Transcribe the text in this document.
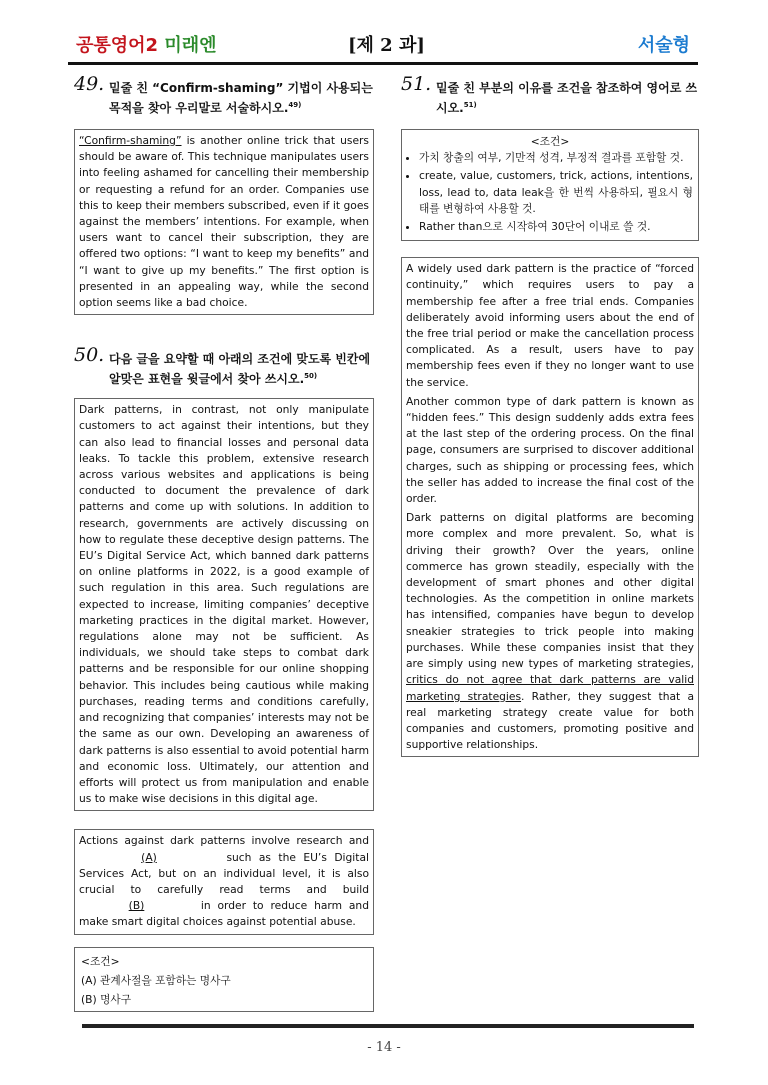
공통영어2 미래엔	[제 2 과]	서술형
49. 밑줄 친 “Confirm-shaming” 기법이 사용되는 목적을 찾아 우리말로 서술하시오.$^{49)}$

“Confirm-shaming” is another online trick that users should be aware of. This technique manipulates users into feeling ashamed for cancelling their membership or requesting a refund for an order. Companies use this to keep their members subscribed, even if it goes against the members’ intentions. For example, when users want to cancel their subscription, they are offered two options: “I want to keep my benefits” and “I want to give up my benefits.” The first option is presented in an appealing way, while the second option seems like a bad choice.

50. 다음 글을 요약할 때 아래의 조건에 맞도록 빈칸에 알맞은 표현을 윗글에서 찾아 쓰시오.$^{50)}$

Dark patterns, in contrast, not only manipulate customers to act against their intentions, but they can also lead to financial losses and personal data leaks. To tackle this problem, extensive research across various websites and applications is being conducted to document the prevalence of dark patterns and come up with solutions. In addition to research, governments are actively discussing on how to regulate these deceptive design patterns. The EU’s Digital Service Act, which banned dark patterns on online platforms in 2022, is a good example of such regulation in this area. Such regulations are expected to increase, limiting companies’ deceptive marketing practices in the digital market. However, regulations alone may not be sufficient. As individuals, we should take steps to combat dark patterns and be responsible for our online shopping behavior. This includes being cautious while making purchases, reading terms and conditions carefully, and recognizing that companies’ interests may not be the same as our own. Developing an awareness of dark patterns is also essential to avoid potential harm and economic loss. Ultimately, our attention and efforts will protect us from manipulation and enable us to make wise decisions in this digital age.

Actions against dark patterns involve research and (A)	such as the EU’s Digital Services Act, but on an individual level, it is also crucial to carefully read terms and build (B)	in order to reduce harm and make smart digital choices against potential abuse.

<조건>
(A) 관계사절을 포함하는 명사구
(B) 명사구
51. 밑줄 친 부분의 이유를 조건을 참조하여 영어로 쓰시오.$^{51)}$
<조건>
• 가치 창출의 여부, 기만적 성격, 부정적 결과를 포함할 것.
• create, value, customers, trick, actions, intentions, loss, lead to, data leak을 한 번씩 사용하되, 필요시 형태를 변형하여 사용할 것.
• Rather than으로 시작하여 30단어 이내로 쓸 것.

A widely used dark pattern is the practice of “forced continuity,” which requires users to pay a membership fee after a free trial ends. Companies deliberately avoid informing users about the end of the free trial period or make the cancellation process complicated. As a result, users have to pay membership fees even if they no longer want to use the service.

Another common type of dark pattern is known as “hidden fees.” This design suddenly adds extra fees at the last step of the ordering process. On the final page, consumers are surprised to discover additional charges, such as shipping or processing fees, which the seller has added to increase the final cost of the order.

Dark patterns on digital platforms are becoming more complex and more prevalent. So, what is driving their growth? Over the years, online commerce has grown steadily, especially with the development of smart phones and other digital technologies. As the competition in online markets has intensified, companies have begun to develop sneakier strategies to trick people into making purchases. While these companies insist that they are simply using new types of marketing strategies, critics do not agree that dark patterns are valid marketing strategies. Rather, they suggest that a real marketing strategy create value for both companies and customers, promoting positive and supportive relationships.

- 14 -
